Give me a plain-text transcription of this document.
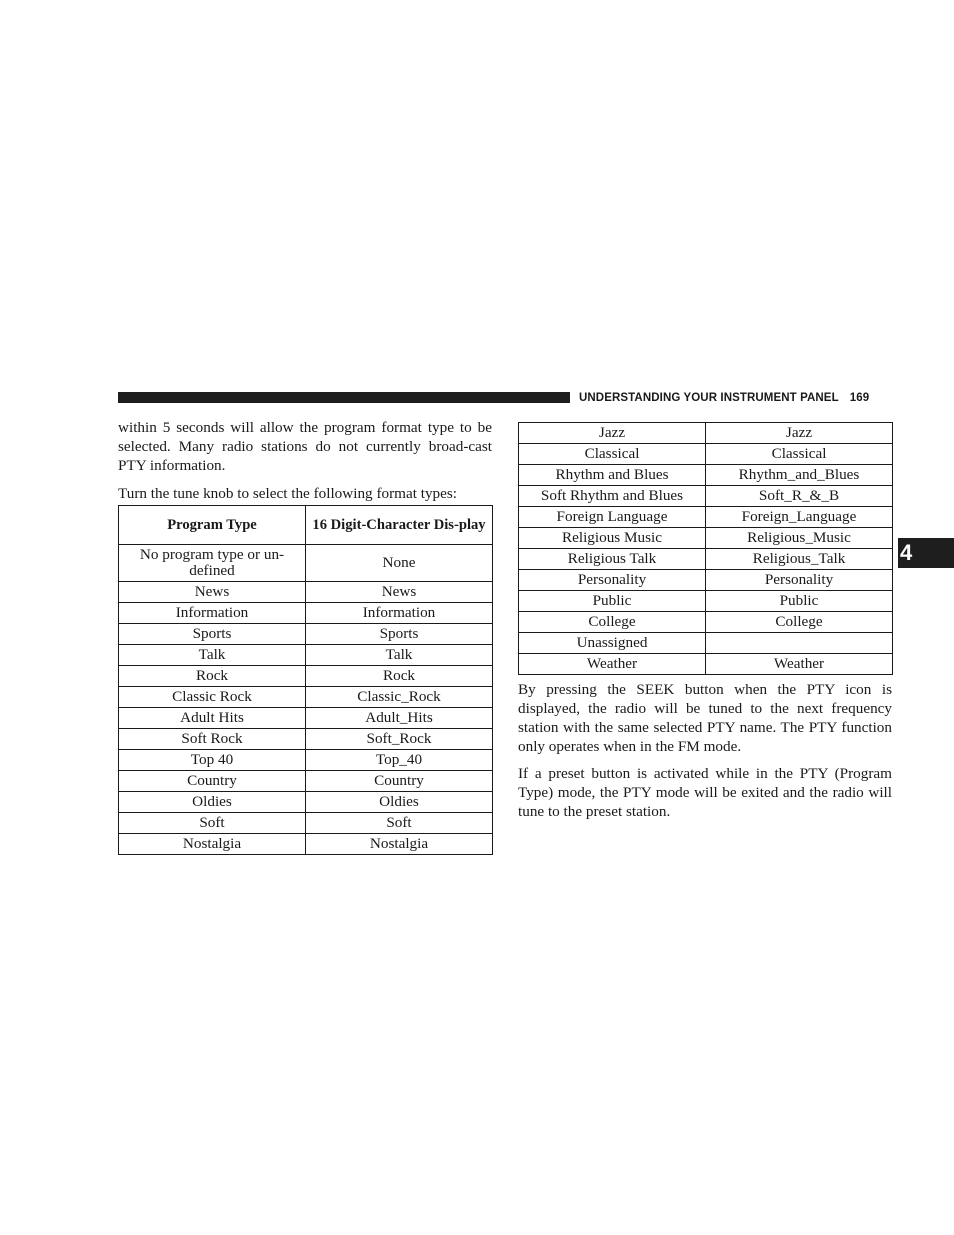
UNDERSTANDING YOUR INSTRUMENT PANEL 169
4

within 5 seconds will allow the program format type to be selected. Many radio stations do not currently broad-cast PTY information.

Turn the tune knob to select the following format types:

Program Type	16 Digit-Character Dis-play
No program type or un-defined	None
News	News
Information	Information
Sports	Sports
Talk	Talk
Rock	Rock
Classic Rock	Classic_Rock
Adult Hits	Adult_Hits
Soft Rock	Soft_Rock
Top 40	Top_40
Country	Country
Oldies	Oldies
Soft	Soft
Nostalgia	Nostalgia
Jazz	Jazz
Classical	Classical
Rhythm and Blues	Rhythm_and_Blues
Soft Rhythm and Blues	Soft_R_&_B
Foreign Language	Foreign_Language
Religious Music	Religious_Music
Religious Talk	Religious_Talk
Personality	Personality
Public	Public
College	College
Unassigned	
Weather	Weather

By pressing the SEEK button when the PTY icon is displayed, the radio will be tuned to the next frequency station with the same selected PTY name. The PTY function only operates when in the FM mode.

If a preset button is activated while in the PTY (Program Type) mode, the PTY mode will be exited and the radio will tune to the preset station.
